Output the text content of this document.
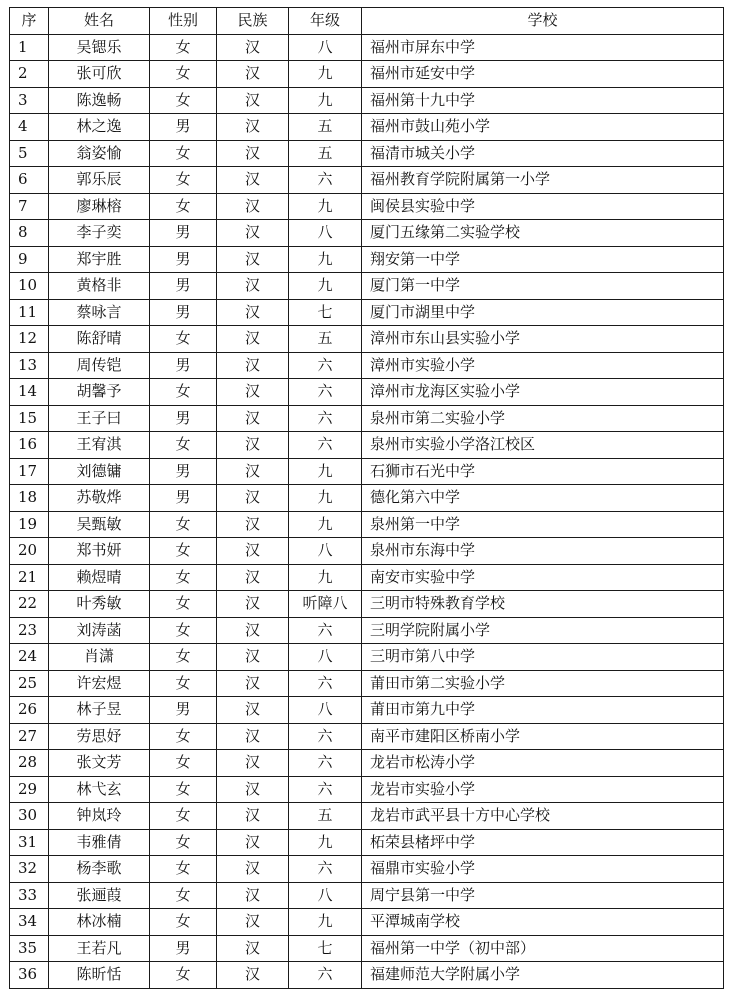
序	姓名	性别	民族	年级	学校
1	吴锶乐	女	汉	八	福州市屏东中学
2	张可欣	女	汉	九	福州市延安中学
3	陈逸畅	女	汉	九	福州第十九中学
4	林之逸	男	汉	五	福州市鼓山苑小学
5	翁姿愉	女	汉	五	福清市城关小学
6	郭乐辰	女	汉	六	福州教育学院附属第一小学
7	廖琳榕	女	汉	九	闽侯县实验中学
8	李子奕	男	汉	八	厦门五缘第二实验学校
9	郑宇胜	男	汉	九	翔安第一中学
10	黄格非	男	汉	九	厦门第一中学
11	蔡咏言	男	汉	七	厦门市湖里中学
12	陈舒晴	女	汉	五	漳州市东山县实验小学
13	周传铠	男	汉	六	漳州市实验小学
14	胡馨予	女	汉	六	漳州市龙海区实验小学
15	王子曰	男	汉	六	泉州市第二实验小学
16	王宥淇	女	汉	六	泉州市实验小学洛江校区
17	刘德镛	男	汉	九	石狮市石光中学
18	苏敬烨	男	汉	九	德化第六中学
19	吴甄敏	女	汉	九	泉州第一中学
20	郑书妍	女	汉	八	泉州市东海中学
21	赖煜晴	女	汉	九	南安市实验中学
22	叶秀敏	女	汉	听障八	三明市特殊教育学校
23	刘涛菡	女	汉	六	三明学院附属小学
24	肖潇	女	汉	八	三明市第八中学
25	许宏煜	女	汉	六	莆田市第二实验小学
26	林子昱	男	汉	八	莆田市第九中学
27	劳思妤	女	汉	六	南平市建阳区桥南小学
28	张文芳	女	汉	六	龙岩市松涛小学
29	林弋玄	女	汉	六	龙岩市实验小学
30	钟岚玲	女	汉	五	龙岩市武平县十方中心学校
31	韦雅倩	女	汉	九	柘荣县楮坪中学
32	杨李歌	女	汉	六	福鼎市实验小学
33	张逦葭	女	汉	八	周宁县第一中学
34	林冰楠	女	汉	九	平潭城南学校
35	王若凡	男	汉	七	福州第一中学（初中部）
36	陈昕恬	女	汉	六	福建师范大学附属小学
